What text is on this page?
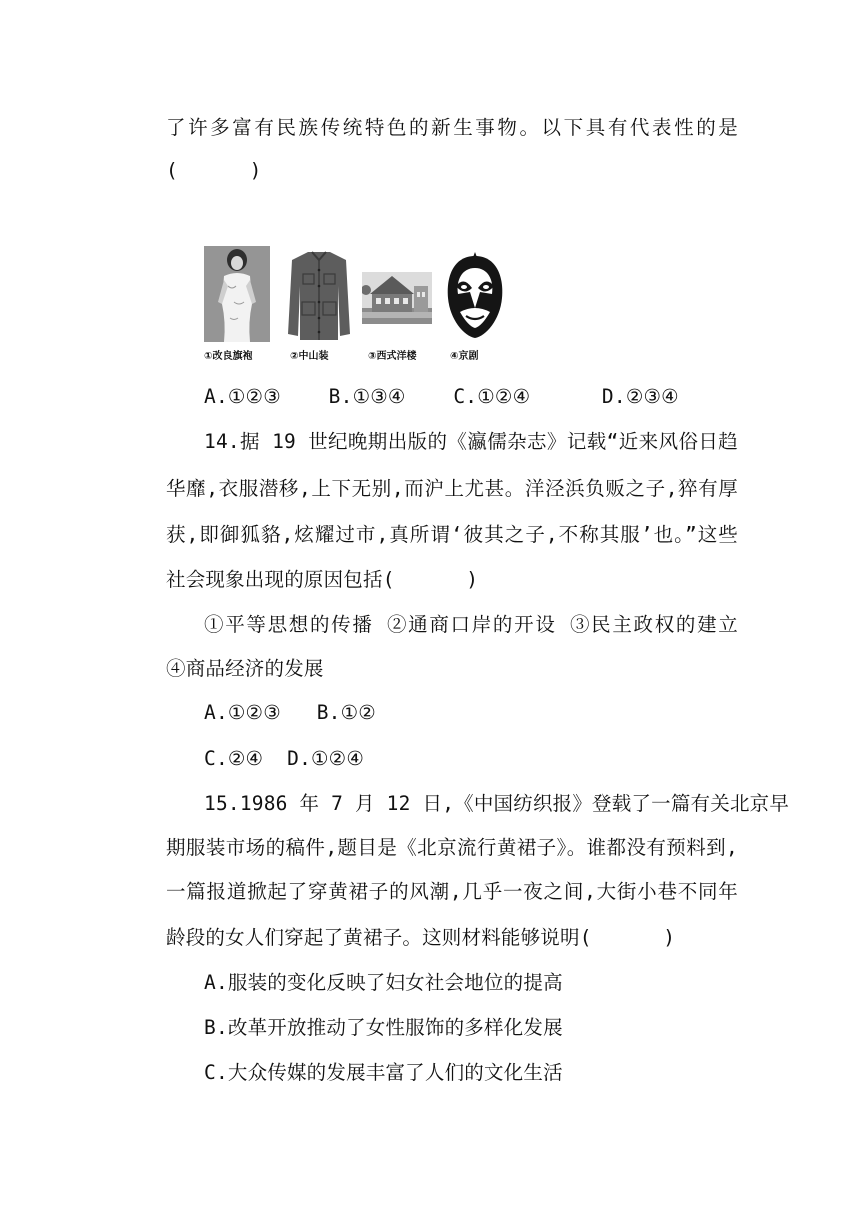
了许多富有民族传统特色的新生事物。以下具有代表性的是
(      )
①改良旗袍	②中山装	③西式洋楼	④京剧
A.①②③    B.①③④    C.①②④      D.②③④
14.据 19 世纪晚期出版的《瀛儒杂志》记载“近来风俗日趋
华靡,衣服潜移,上下无别,而沪上尤甚。洋泾浜负贩之子,猝有厚
获,即御狐貉,炫耀过市,真所谓‘彼其之子,不称其服’也。”这些
社会现象出现的原因包括(      )
①平等思想的传播 ②通商口岸的开设 ③民主政权的建立
④商品经济的发展
A.①②③   B.①②
C.②④  D.①②④
15.1986 年 7 月 12 日,《中国纺织报》登载了一篇有关北京早
期服装市场的稿件,题目是《北京流行黄裙子》。谁都没有预料到,
一篇报道掀起了穿黄裙子的风潮,几乎一夜之间,大街小巷不同年
龄段的女人们穿起了黄裙子。这则材料能够说明(      )
A.服装的变化反映了妇女社会地位的提高
B.改革开放推动了女性服饰的多样化发展
C.大众传媒的发展丰富了人们的文化生活
